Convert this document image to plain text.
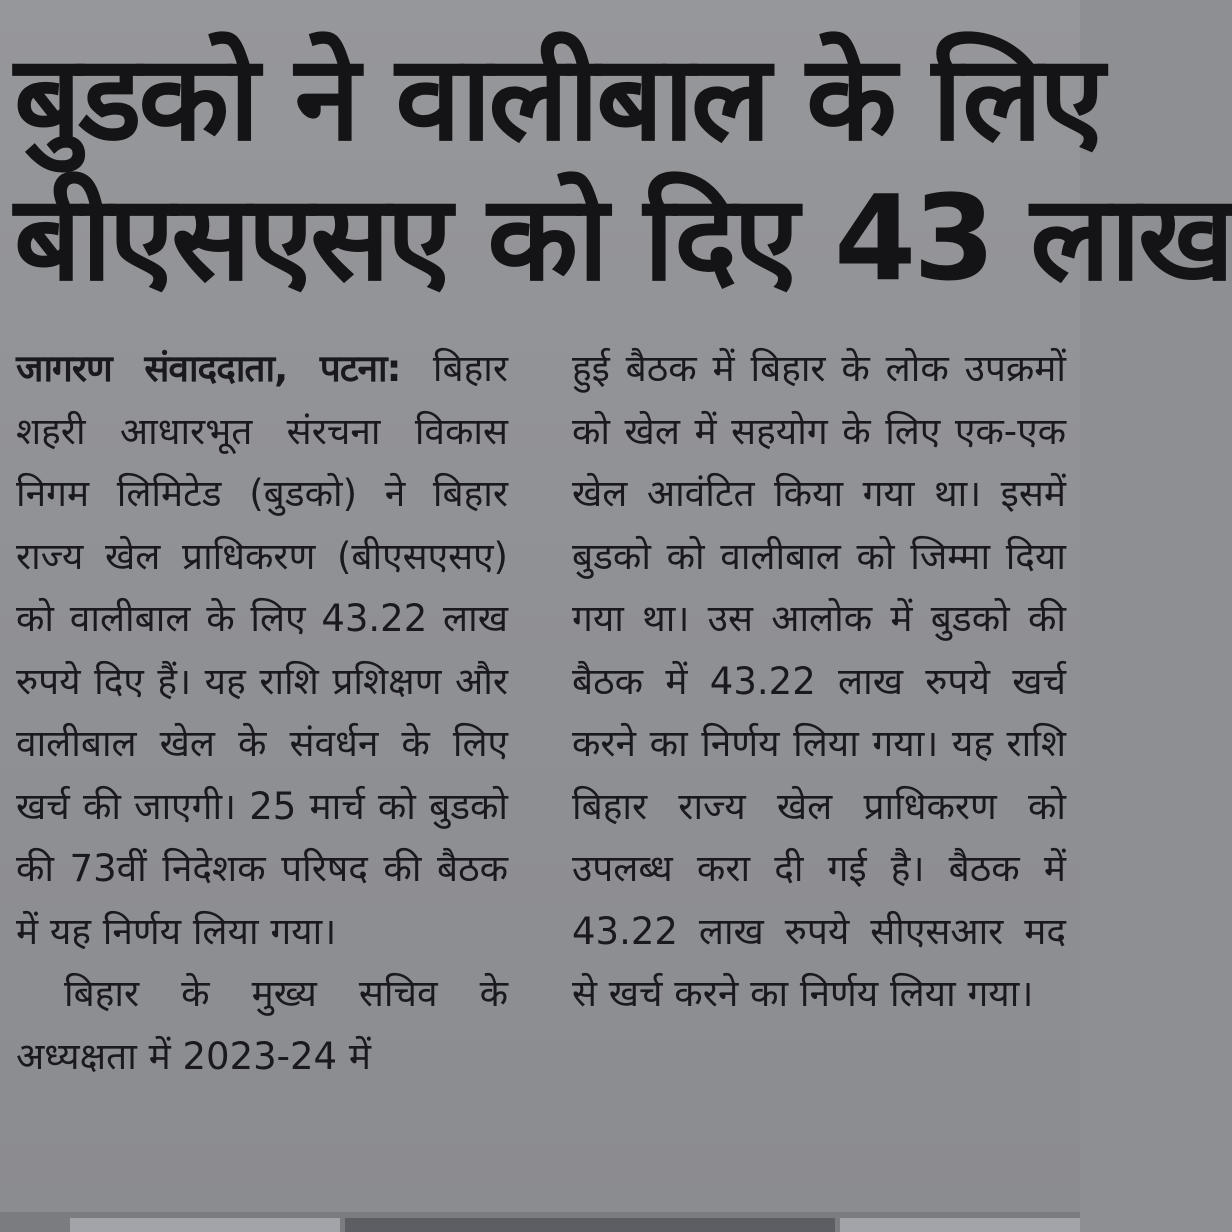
बुडको ने वालीबाल के लिए
बीएसएसए को दिए 43 लाख

जागरण संवाददाता, पटना: बिहार शहरी आधारभूत संरचना विकास निगम लिमिटेड (बुडको) ने बिहार राज्य खेल प्राधिकरण (बीएसएसए) को वालीबाल के लिए 43.22 लाख रुपये दिए हैं। यह राशि प्रशिक्षण और वालीबाल खेल के संवर्धन के लिए खर्च की जाएगी। 25 मार्च को बुडको की 73वीं निदेशक परिषद की बैठक में यह निर्णय लिया गया।

बिहार के मुख्य सचिव के अध्यक्षता में 2023-24 में

हुई बैठक में बिहार के लोक उपक्रमों को खेल में सहयोग के लिए एक-एक खेल आवंटित किया गया था। इसमें बुडको को वालीबाल को जिम्मा दिया गया था। उस आलोक में बुडको की बैठक में 43.22 लाख रुपये खर्च करने का निर्णय लिया गया। यह राशि बिहार राज्य खेल प्राधिकरण को उपलब्ध करा दी गई है। बैठक में 43.22 लाख रुपये सीएसआर मद से खर्च करने का निर्णय लिया गया।
